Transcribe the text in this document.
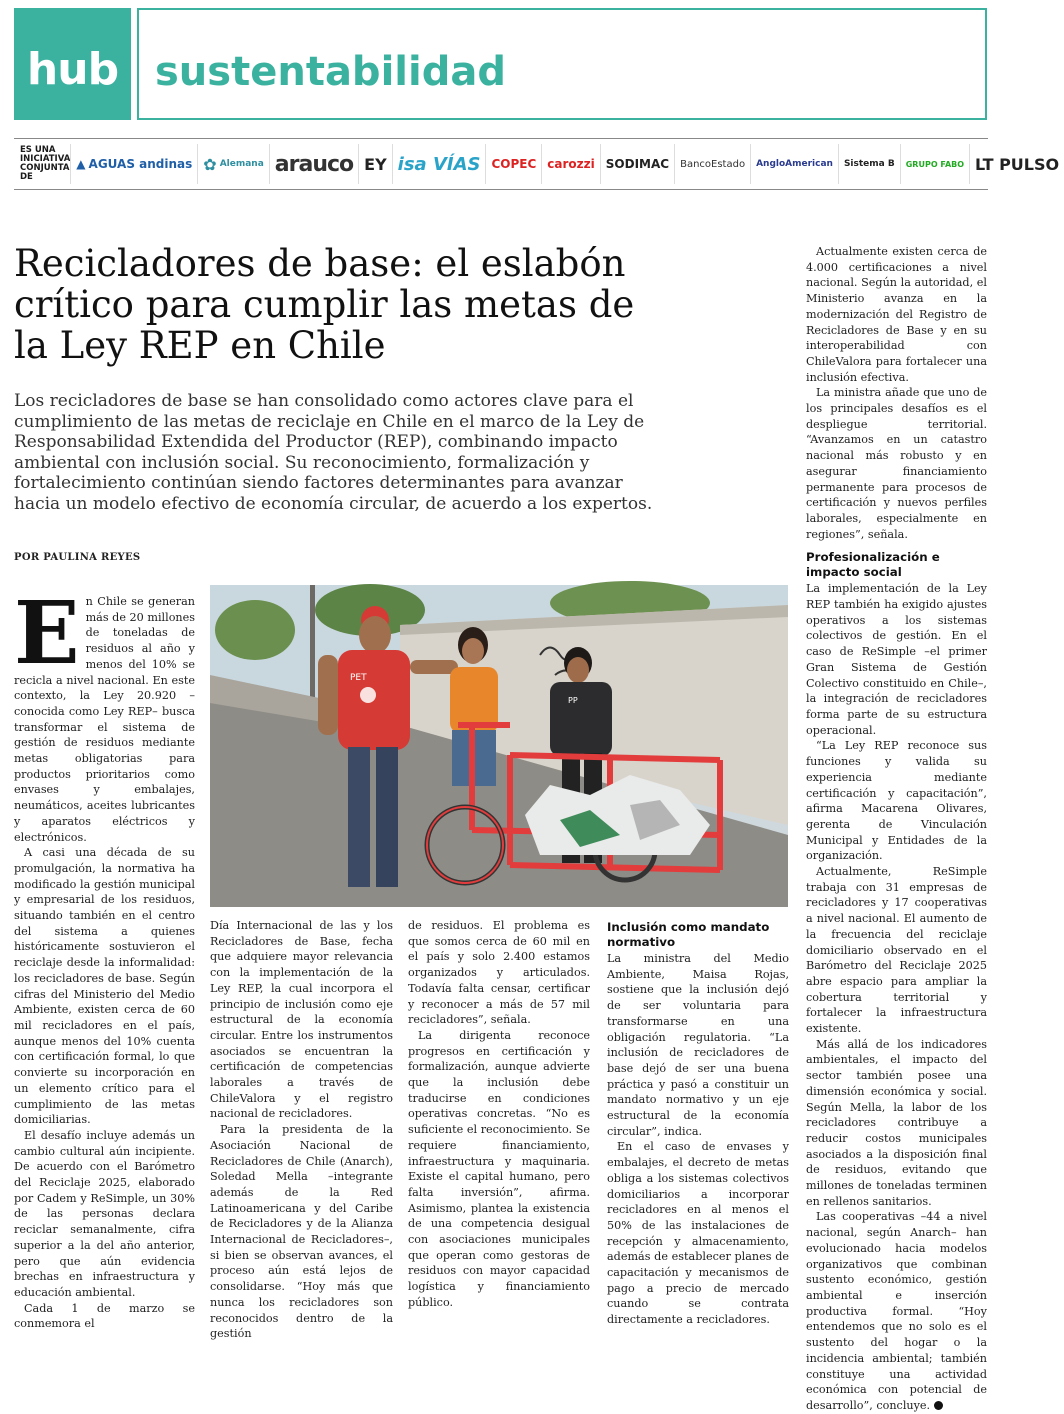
hub sustentabilidad
ES UNA INICIATIVA CONJUNTA DE
▲ AGUAS andinas ✿ Alemana arauco EY isa VÍAS COPEC carozzi SODIMAC	BancoEstado	AngloAmerican	Sistema B	GRUPO FABO LT PULSO
Recicladores de base: el eslabón crítico para cumplir las metas de la Ley REP en Chile

Los recicladores de base se han consolidado como actores clave para el cumplimiento de las metas de reciclaje en Chile en el marco de la Ley de Responsabilidad Extendida del Productor (REP), combinando impacto ambiental con inclusión social. Su reconocimiento, formalización y fortalecimiento continúan siendo factores determinantes para avanzar hacia un modelo efectivo de economía circular, de acuerdo a los expertos.

POR PAULINA REYES

En Chile se generan más de 20 millones de toneladas de residuos al año y menos del 10% se recicla a nivel nacional. En este contexto, la Ley 20.920 –conocida como Ley REP– busca transformar el sistema de gestión de residuos mediante metas obligatorias para productos prioritarios como envases y embalajes, neumáticos, aceites lubricantes y aparatos eléctricos y electrónicos.

A casi una década de su promulgación, la normativa ha modificado la gestión municipal y empresarial de los residuos, situando también en el centro del sistema a quienes históricamente sostuvieron el reciclaje desde la informalidad: los recicladores de base. Según cifras del Ministerio del Medio Ambiente, existen cerca de 60 mil recicladores en el país, aunque menos del 10% cuenta con certificación formal, lo que convierte su incorporación en un elemento crítico para el cumplimiento de las metas domiciliarias.

El desafío incluye además un cambio cultural aún incipiente. De acuerdo con el Barómetro del Reciclaje 2025, elaborado por Cadem y ReSimple, un 30% de las personas declara reciclar semanalmente, cifra superior a la del año anterior, pero que aún evidencia brechas en infraestructura y educación ambiental.

Cada 1 de marzo se conmemora el

PET
PP

Día Internacional de las y los Recicladores de Base, fecha que adquiere mayor relevancia con la implementación de la Ley REP, la cual incorpora el principio de inclusión como eje estructural de la economía circular. Entre los instrumentos asociados se encuentran la certificación de competencias laborales a través de ChileValora y el registro nacional de recicladores.

Para la presidenta de la Asociación Nacional de Recicladores de Chile (Anarch), Soledad Mella –integrante además de la Red Latinoamericana y del Caribe de Recicladores y de la Alianza Internacional de Recicladores–, si bien se observan avances, el proceso aún está lejos de consolidarse. “Hoy más que nunca los recicladores son reconocidos dentro de la gestión

de residuos. El problema es que somos cerca de 60 mil en el país y solo 2.400 estamos organizados y articulados. Todavía falta censar, certificar y reconocer a más de 57 mil recicladores”, señala.

La dirigenta reconoce progresos en certificación y formalización, aunque advierte que la inclusión debe traducirse en condiciones operativas concretas. “No es suficiente el reconocimiento. Se requiere financiamiento, infraestructura y maquinaria. Existe el capital humano, pero falta inversión”, afirma. Asimismo, plantea la existencia de una competencia desigual con asociaciones municipales que operan como gestoras de residuos con mayor capacidad logística y financiamiento público.

Inclusión como mandato normativo

La ministra del Medio Ambiente, Maisa Rojas, sostiene que la inclusión dejó de ser voluntaria para transformarse en una obligación regulatoria. “La inclusión de recicladores de base dejó de ser una buena práctica y pasó a constituir un mandato normativo y un eje estructural de la economía circular”, indica.

En el caso de envases y embalajes, el decreto de metas obliga a los sistemas colectivos domiciliarios a incorporar recicladores en al menos el 50% de las instalaciones de recepción y almacenamiento, además de establecer planes de capacitación y mecanismos de pago a precio de mercado cuando se contrata directamente a recicladores.

Actualmente existen cerca de 4.000 certificaciones a nivel nacional. Según la autoridad, el Ministerio avanza en la modernización del Registro de Recicladores de Base y en su interoperabilidad con ChileValora para fortalecer una inclusión efectiva.

La ministra añade que uno de los principales desafíos es el despliegue territorial. “Avanzamos en un catastro nacional más robusto y en asegurar financiamiento permanente para procesos de certificación y nuevos perfiles laborales, especialmente en regiones”, señala.

Profesionalización e impacto social

La implementación de la Ley REP también ha exigido ajustes operativos a los sistemas colectivos de gestión. En el caso de ReSimple –el primer Gran Sistema de Gestión Colectivo constituido en Chile–, la integración de recicladores forma parte de su estructura operacional.

“La Ley REP reconoce sus funciones y valida su experiencia mediante certificación y capacitación”, afirma Macarena Olivares, gerenta de Vinculación Municipal y Entidades de la organización.

Actualmente, ReSimple trabaja con 31 empresas de recicladores y 17 cooperativas a nivel nacional. El aumento de la frecuencia del reciclaje domiciliario observado en el Barómetro del Reciclaje 2025 abre espacio para ampliar la cobertura territorial y fortalecer la infraestructura existente.

Más allá de los indicadores ambientales, el impacto del sector también posee una dimensión económica y social. Según Mella, la labor de los recicladores contribuye a reducir costos municipales asociados a la disposición final de residuos, evitando que millones de toneladas terminen en rellenos sanitarios.

Las cooperativas –44 a nivel nacional, según Anarch– han evolucionado hacia modelos organizativos que combinan sustento económico, gestión ambiental e inserción productiva formal. “Hoy entendemos que no solo es el sustento del hogar o la incidencia ambiental; también constituye una actividad económica con potencial de desarrollo”, concluye.
